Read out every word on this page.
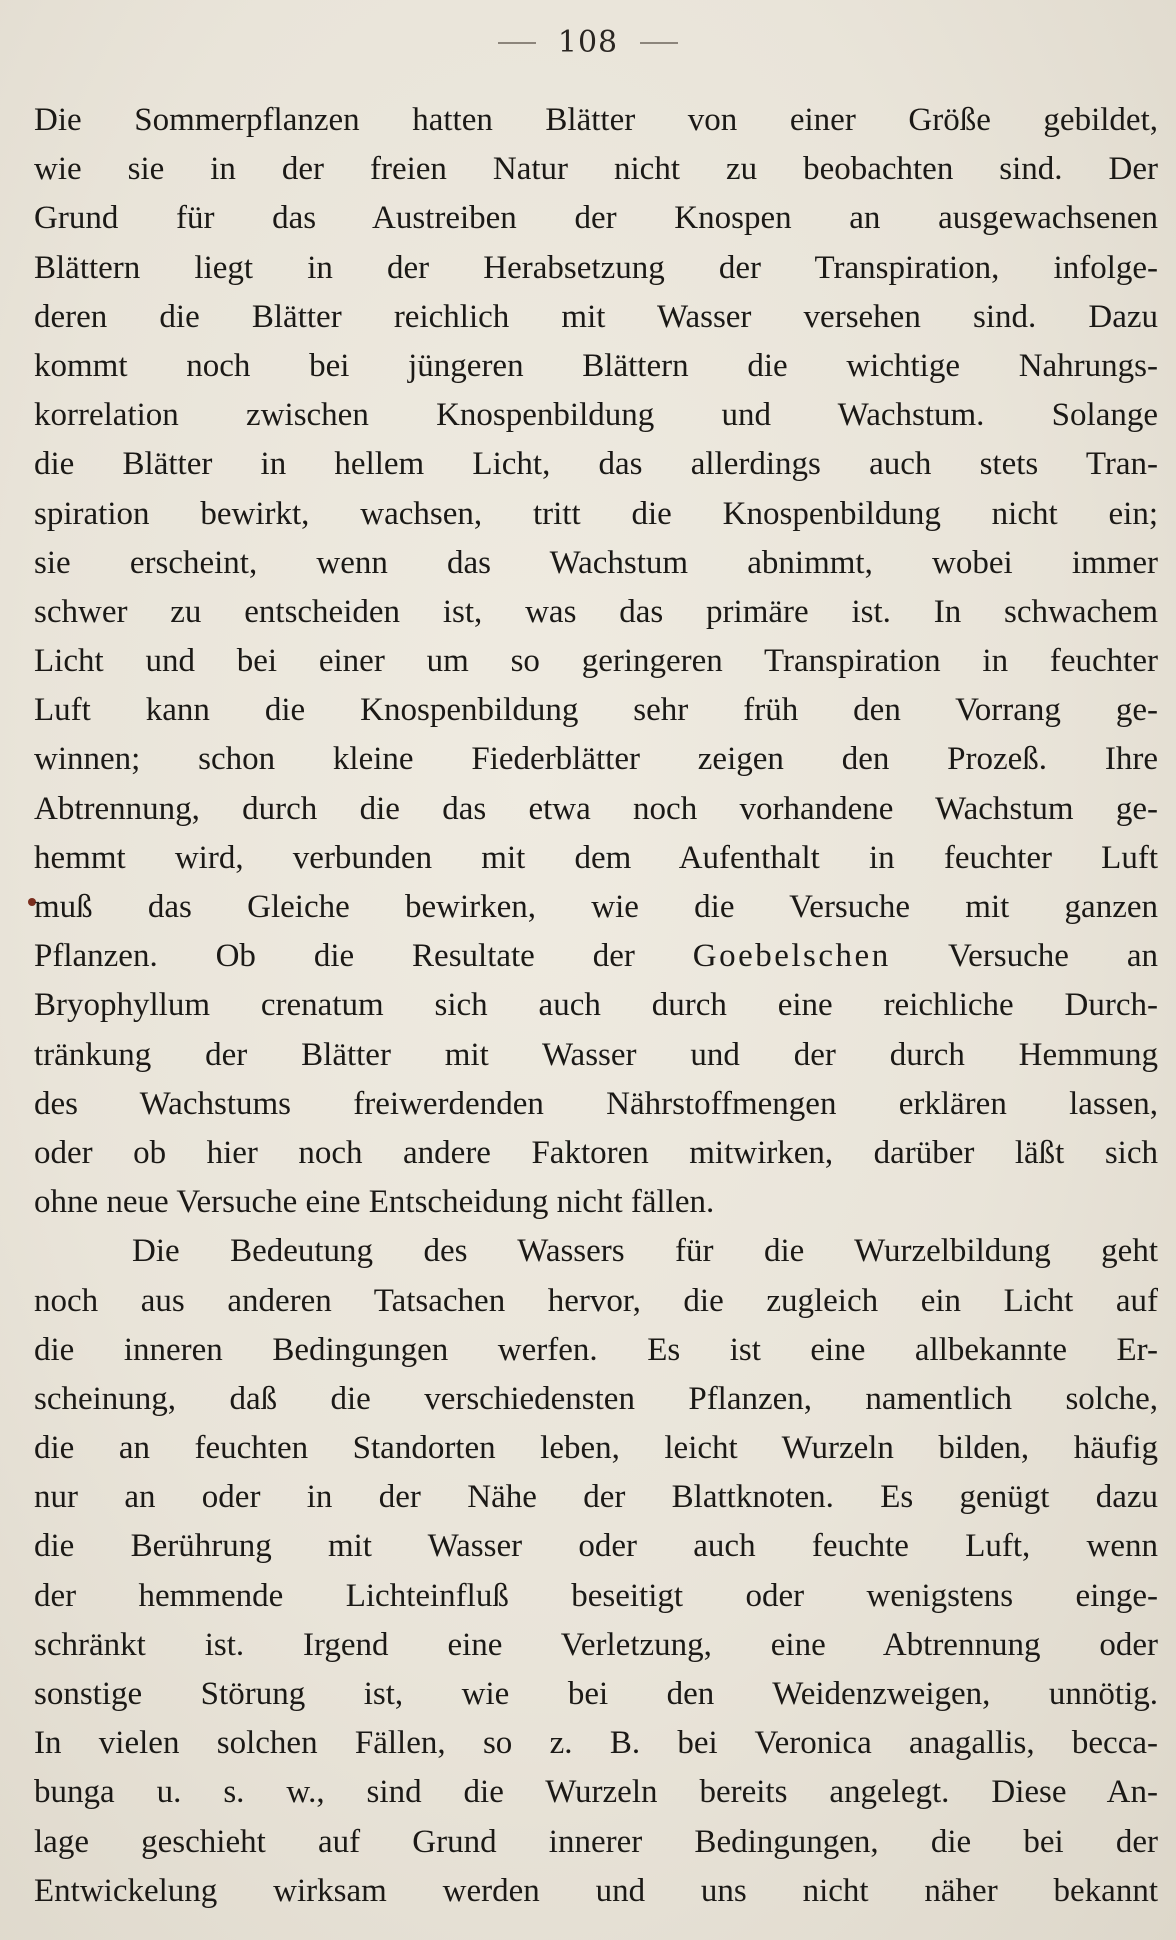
108
Die Sommerpflanzen hatten Blätter von einer Größe gebildet,
wie sie in der freien Natur nicht zu beobachten sind. Der
Grund für das Austreiben der Knospen an ausgewachsenen
Blättern liegt in der Herabsetzung der Transpiration, infolge-
deren die Blätter reichlich mit Wasser versehen sind. Dazu
kommt noch bei jüngeren Blättern die wichtige Nahrungs-
korrelation zwischen Knospenbildung und Wachstum. Solange
die Blätter in hellem Licht, das allerdings auch stets Tran-
spiration bewirkt, wachsen, tritt die Knospenbildung nicht ein;
sie erscheint, wenn das Wachstum abnimmt, wobei immer
schwer zu entscheiden ist, was das primäre ist. In schwachem
Licht und bei einer um so geringeren Transpiration in feuchter
Luft kann die Knospenbildung sehr früh den Vorrang ge-
winnen; schon kleine Fiederblätter zeigen den Prozeß. Ihre
Abtrennung, durch die das etwa noch vorhandene Wachstum ge-
hemmt wird, verbunden mit dem Aufenthalt in feuchter Luft
muß das Gleiche bewirken, wie die Versuche mit ganzen
Pflanzen. Ob die Resultate der Goebelschen Versuche an
Bryophyllum crenatum sich auch durch eine reichliche Durch-
tränkung der Blätter mit Wasser und der durch Hemmung
des Wachstums freiwerdenden Nährstoffmengen erklären lassen,
oder ob hier noch andere Faktoren mitwirken, darüber läßt sich
ohne neue Versuche eine Entscheidung nicht fällen.
Die Bedeutung des Wassers für die Wurzelbildung geht
noch aus anderen Tatsachen hervor, die zugleich ein Licht auf
die inneren Bedingungen werfen. Es ist eine allbekannte Er-
scheinung, daß die verschiedensten Pflanzen, namentlich solche,
die an feuchten Standorten leben, leicht Wurzeln bilden, häufig
nur an oder in der Nähe der Blattknoten. Es genügt dazu
die Berührung mit Wasser oder auch feuchte Luft, wenn
der hemmende Lichteinfluß beseitigt oder wenigstens einge-
schränkt ist. Irgend eine Verletzung, eine Abtrennung oder
sonstige Störung ist, wie bei den Weidenzweigen, unnötig.
In vielen solchen Fällen, so z. B. bei Veronica anagallis, becca-
bunga u. s. w., sind die Wurzeln bereits angelegt. Diese An-
lage geschieht auf Grund innerer Bedingungen, die bei der
Entwickelung wirksam werden und uns nicht näher bekannt
